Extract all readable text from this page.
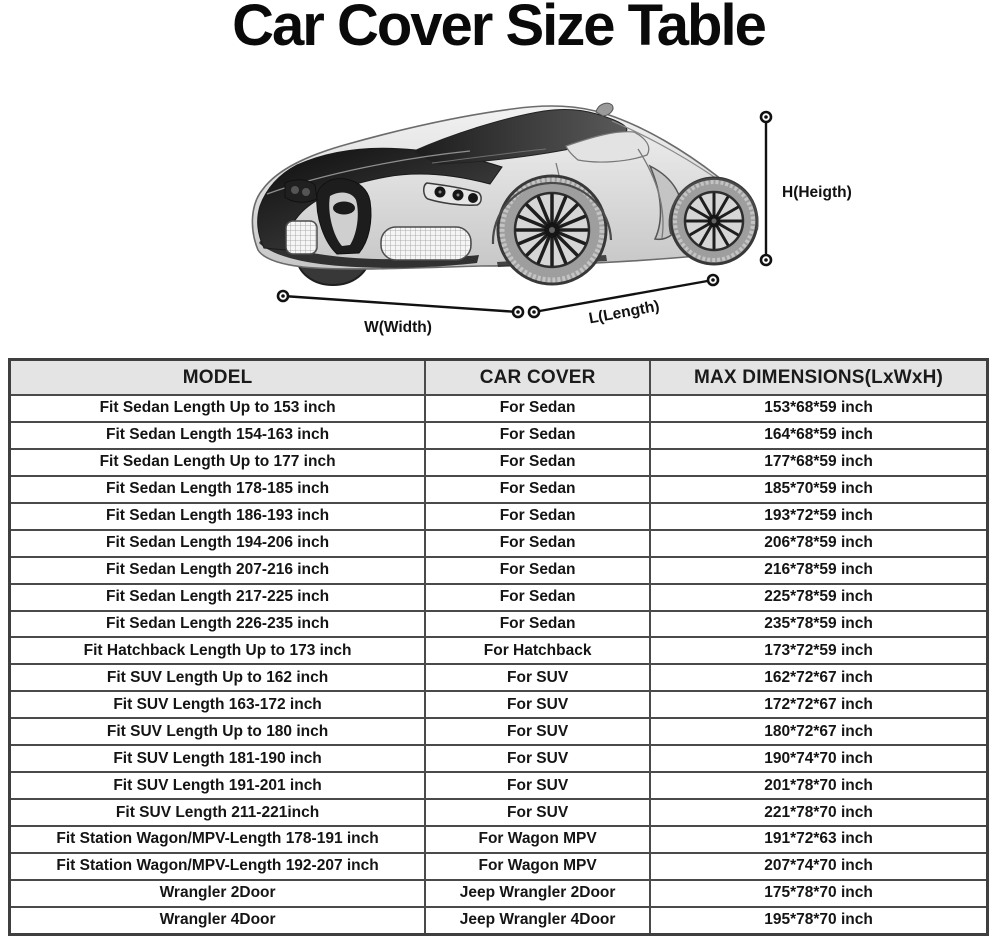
Car Cover Size Table
W(Width)
L(Length)
H(Heigth)
MODEL	CAR COVER	MAX DIMENSIONS(LxWxH)
Fit Sedan Length Up to 153 inch	For Sedan	153*68*59 inch
Fit Sedan Length 154-163 inch	For Sedan	164*68*59 inch
Fit Sedan Length Up to 177 inch	For Sedan	177*68*59 inch
Fit Sedan Length 178-185 inch	For Sedan	185*70*59 inch
Fit Sedan Length 186-193 inch	For Sedan	193*72*59 inch
Fit Sedan Length 194-206 inch	For Sedan	206*78*59 inch
Fit Sedan Length 207-216 inch	For Sedan	216*78*59 inch
Fit Sedan Length 217-225 inch	For Sedan	225*78*59 inch
Fit Sedan Length 226-235 inch	For Sedan	235*78*59 inch
Fit Hatchback Length Up to 173 inch	For Hatchback	173*72*59 inch
Fit SUV Length Up to 162 inch	For SUV	162*72*67 inch
Fit SUV Length 163-172 inch	For SUV	172*72*67 inch
Fit SUV Length Up to 180 inch	For SUV	180*72*67 inch
Fit SUV Length 181-190 inch	For SUV	190*74*70 inch
Fit SUV Length 191-201 inch	For SUV	201*78*70 inch
Fit SUV Length 211-221inch	For SUV	221*78*70 inch
Fit Station Wagon/MPV-Length 178-191 inch	For Wagon MPV	191*72*63 inch
Fit Station Wagon/MPV-Length 192-207 inch	For Wagon MPV	207*74*70 inch
Wrangler 2Door	Jeep Wrangler 2Door	175*78*70 inch
Wrangler 4Door	Jeep Wrangler 4Door	195*78*70 inch
